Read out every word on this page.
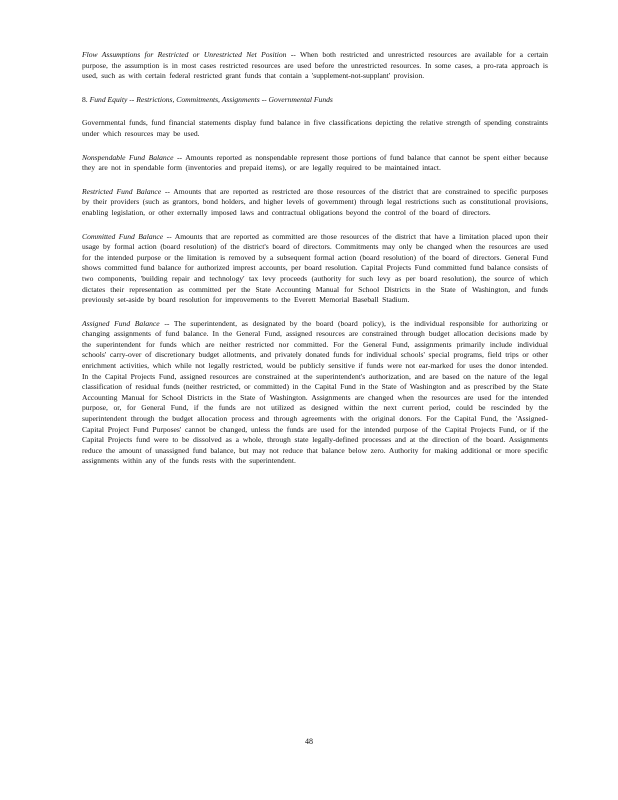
Flow Assumptions for Restricted or Unrestricted Net Position -- When both restricted and unrestricted resources are available for a certain purpose, the assumption is in most cases restricted resources are used before the unrestricted resources. In some cases, a pro-rata approach is used, such as with certain federal restricted grant funds that contain a 'supplement-not-supplant' provision.

8. Fund Equity -- Restrictions, Commitments, Assignments -- Governmental Funds

Governmental funds, fund financial statements display fund balance in five classifications depicting the relative strength of spending constraints under which resources may be used.

Nonspendable Fund Balance -- Amounts reported as nonspendable represent those portions of fund balance that cannot be spent either because they are not in spendable form (inventories and prepaid items), or are legally required to be maintained intact.

Restricted Fund Balance -- Amounts that are reported as restricted are those resources of the district that are constrained to specific purposes by their providers (such as grantors, bond holders, and higher levels of government) through legal restrictions such as constitutional provisions, enabling legislation, or other externally imposed laws and contractual obligations beyond the control of the board of directors.

Committed Fund Balance -- Amounts that are reported as committed are those resources of the district that have a limitation placed upon their usage by formal action (board resolution) of the district's board of directors. Commitments may only be changed when the resources are used for the intended purpose or the limitation is removed by a subsequent formal action (board resolution) of the board of directors. General Fund shows committed fund balance for authorized imprest accounts, per board resolution. Capital Projects Fund committed fund balance consists of two components, 'building repair and technology' tax levy proceeds (authority for such levy as per board resolution), the source of which dictates their representation as committed per the State Accounting Manual for School Districts in the State of Washington, and funds previously set-aside by board resolution for improvements to the Everett Memorial Baseball Stadium.

Assigned Fund Balance -- The superintendent, as designated by the board (board policy), is the individual responsible for authorizing or changing assignments of fund balance. In the General Fund, assigned resources are constrained through budget allocation decisions made by the superintendent for funds which are neither restricted nor committed. For the General Fund, assignments primarily include individual schools' carry-over of discretionary budget allotments, and privately donated funds for individual schools' special programs, field trips or other enrichment activities, which while not legally restricted, would be publicly sensitive if funds were not ear-marked for uses the donor intended. In the Capital Projects Fund, assigned resources are constrained at the superintendent's authorization, and are based on the nature of the legal classification of residual funds (neither restricted, or committed) in the Capital Fund in the State of Washington and as prescribed by the State Accounting Manual for School Districts in the State of Washington. Assignments are changed when the resources are used for the intended purpose, or, for General Fund, if the funds are not utilized as designed within the next current period, could be rescinded by the superintendent through the budget allocation process and through agreements with the original donors. For the Capital Fund, the 'Assigned-Capital Project Fund Purposes' cannot be changed, unless the funds are used for the intended purpose of the Capital Projects Fund, or if the Capital Projects fund were to be dissolved as a whole, through state legally-defined processes and at the direction of the board. Assignments reduce the amount of unassigned fund balance, but may not reduce that balance below zero. Authority for making additional or more specific assignments within any of the funds rests with the superintendent.

48
